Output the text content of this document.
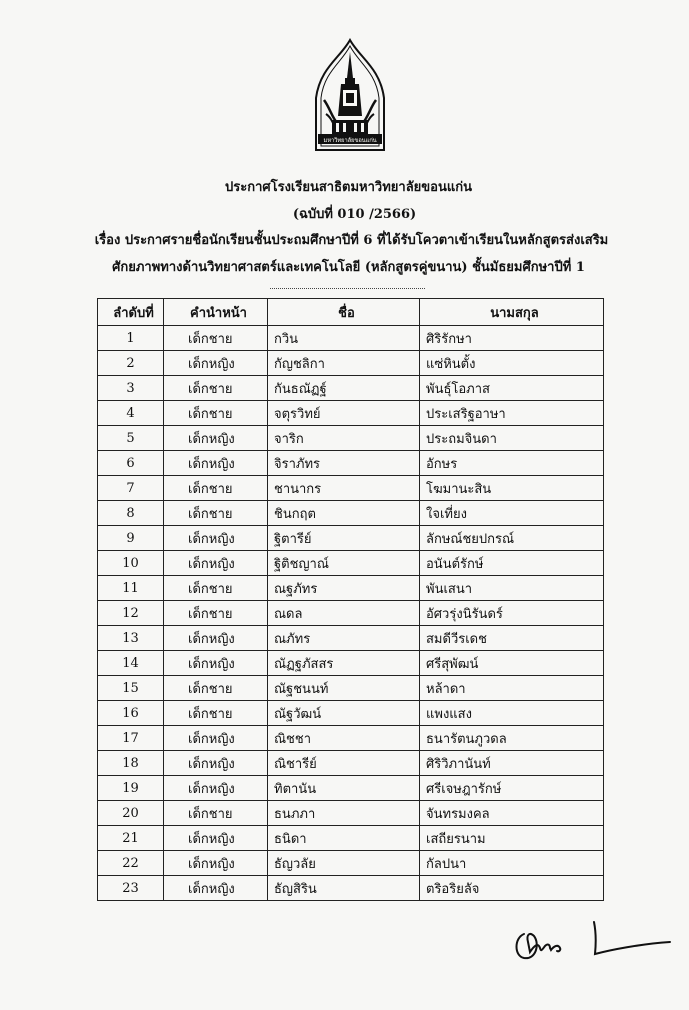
มหาวิทยาลัยขอนแก่น
ประกาศโรงเรียนสาธิตมหาวิทยาลัยขอนแก่น
(ฉบับที่ 010 /2566)
เรื่อง ประกาศรายชื่อนักเรียนชั้นประถมศึกษาปีที่ 6 ที่ได้รับโควตาเข้าเรียนในหลักสูตรส่งเสริม
ศักยภาพทางด้านวิทยาศาสตร์และเทคโนโลยี (หลักสูตรคู่ขนาน) ชั้นมัธยมศึกษาปีที่ 1
ลำดับที่	คำนำหน้า	ชื่อ	นามสกุล
1	เด็กชาย	กวิน	ศิริรักษา
2	เด็กหญิง	กัญชลิกา	แซ่หินตั้ง
3	เด็กชาย	กันธณัฏฐ์	พันธุ์โอภาส
4	เด็กชาย	จตุรวิทย์	ประเสริฐอาษา
5	เด็กหญิง	จาริก	ประถมจินดา
6	เด็กหญิง	จิราภัทร	อักษร
7	เด็กชาย	ชานากร	โฆมานะสิน
8	เด็กชาย	ชินกฤต	ใจเที่ยง
9	เด็กหญิง	ฐิตารีย์	ลักษณ์ชยปกรณ์
10	เด็กหญิง	ฐิติชญาณ์	อนันต์รักษ์
11	เด็กชาย	ณฐภัทร	พันเสนา
12	เด็กชาย	ณดล	อัศวรุ่งนิรันดร์
13	เด็กหญิง	ณภัทร	สมดีวีรเดช
14	เด็กหญิง	ณัฏฐภัสสร	ศรีสุพัฒน์
15	เด็กชาย	ณัฐชนนท์	หล้าดา
16	เด็กชาย	ณัฐวัฒน์	แพงแสง
17	เด็กหญิง	ณิชชา	ธนารัตนภูวดล
18	เด็กหญิง	ณิชารีย์	ศิริวิภานันท์
19	เด็กหญิง	ทิตานัน	ศรีเจษฎารักษ์
20	เด็กชาย	ธนภภา	จันทรมงคล
21	เด็กหญิง	ธนิดา	เสถียรนาม
22	เด็กหญิง	ธัญวลัย	กัลปนา
23	เด็กหญิง	ธัญสิริน	ตริอริยลัจ
